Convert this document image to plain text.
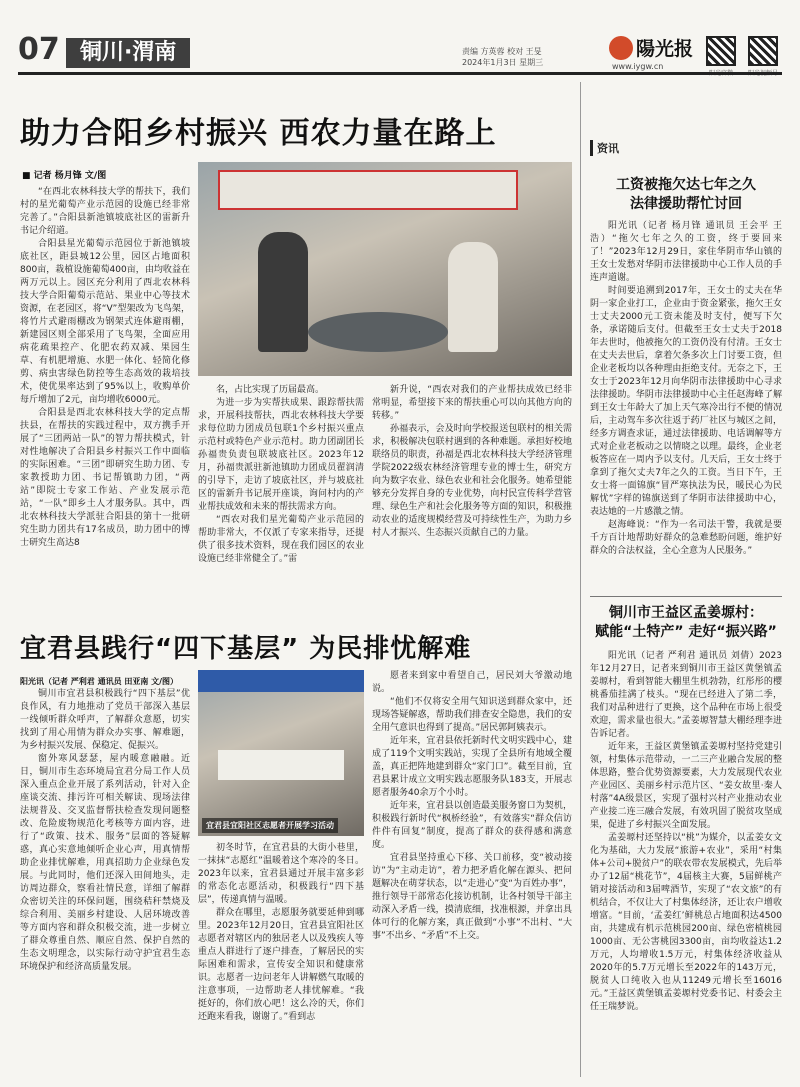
07 铜川·渭南	责编 方英蓉 校对 王旻
2024年1月3日 星期三
陽光报
www.iygw.cn
助力合阳乡村振兴 西农力量在路上
■ 记者 杨月锋 文/图

“在西北农林科技大学的帮扶下，我们村的星光葡萄产业示范园的设施已经非常完善了。”合阳县新池镇坡底社区的雷新升书记介绍道。

合阳县星光葡萄示范园位于新池镇坡底社区，距县城12公里，园区占地面积800亩，栽植设施葡萄400亩，由均收益在两万元以上。园区充分利用了西北农林科技大学合阳葡萄示范站、果业中心等技术资源，在老园区，将“V”型架改为飞鸟架，将竹片式避雨棚改为钢架式连体避雨棚，新建园区则全部采用了飞鸟架，全面应用病花疏果控产、化肥农药双减、果园生草、有机肥增施、水肥一体化、轻简化修剪、病虫害绿色防控等生态高效的栽培技术，使优果率达到了95%以上，收购单价每斤增加了2元，亩均增收6000元。

合阳县是西北农林科技大学的定点帮扶县，在帮扶的实践过程中，双方携手开展了“三团两站一队”的智力帮扶模式，针对性地解决了合阳县乡村振兴工作中面临的实际困难。“三团”即研究生助力团、专家教授助力团、书记帮镇助力团，“两站”即院士专家工作站、产业发展示范站，“一队”即乡土人才服务队。其中，西北农林科技大学派驻合阳县的第十一批研究生助力团共有17名成员，助力团中的博士研究生高达8

名，占比实现了历届最高。

为进一步为实帮扶成果、跟踪帮扶需求，开展科技帮扶，西北农林科技大学要求每位助力团成员包联1个乡村振兴重点示范村或特色产业示范村。助力团副团长孙福贵负责包联坡底社区。2023年12月，孙福贵派驻新池镇助力团成员翟润清的引导下，走访了坡底社区，并与坡底社区的雷新升书记展开座谈，询问村内的产业帮扶成效和未来的帮扶需求方向。

“西农对我们星光葡萄产业示范园的帮助非常大，不仅派了专家来指导，还提供了很多技术资料，现在我们园区的农业设施已经非常健全了。”雷

新升说，“西农对我们的产业帮扶成效已经非常明显，希望接下来的帮扶重心可以向其他方向的转移。”

孙福表示，会及时向学校报送包联村的相关需求，积极解决包联村遇到的各种难题。承担好校地联络员的职责，孙福是西北农林科技大学经济管理学院2022级农林经济管理专业的博士生，研究方向为数字农业、绿色农业和社会化服务。她希望能够充分发挥自身的专业优势，向村民宣传科学营管理、绿色生产和社会化服务等方面的知识，积极推动农业的适度规模经营及可持续性生产，为助力乡村人才振兴、生态振兴贡献自己的力量。

宜君县践行“四下基层” 为民排忧解难
阳光讯（记者 严利君 通讯员 田亚南 文/图）

铜川市宜君县积极践行“四下基层”优良作风，有力地推动了党员干部深入基层一线倾听群众呼声，了解群众意愿，切实找到了用心用情为群众办实事、解难题，为乡村振兴发展、保稳定、促振兴。

窗外寒风瑟瑟，屋内暖意融融。近日，铜川市生态环境局宜君分局工作人员深入重点企业开展了系列活动，针对入企座谈交流、排污许可相关解读、现场法律法规普及、交叉监督帮扶检查发现问题整改、危险废物规范化考核等方面内容，进行了“政策、技术、服务”层面的答疑解惑，真心实意地倾听企业心声，用真情帮助企业排忧解难，用真招助力企业绿色发展。与此同时，他们还深入田间地头，走访周边群众，察看社情民意，详细了解群众密切关注的环保问题，围绕秸秆禁烧及综合利用、美丽乡村建设、人居环境改善等方面内容和群众积极交流，进一步树立了群众尊重自然、顺应自然、保护自然的生态文明理念，以实际行动守护宜君生态环境保护和经济高质量发展。

宜君县宜阳社区志愿者开展学习活动

初冬时节，在宜君县的大街小巷里，一抹抹“志愿红”温暖着这个寒冷的冬日。2023年以来，宜君县通过开展丰富多彩的常态化志愿活动，积极践行“四下基层”，传递真情与温暖。

群众在哪里，志愿服务就要延伸到哪里。2023年12月20日，宜君县宜阳社区志愿者对辖区内的独居老人以及残疾人等重点人群进行了逐户排查，了解居民的实际困难和需求，宣传安全知识和健康常识。志愿者一边问老年人讲解燃气取暖的注意事项，一边帮助老人排忧解难。“我挺好的，你们放心吧！这么冷的天，你们还跑来看我，谢谢了。”看到志

愿者来到家中看望自己，居民刘大爷激动地说。

“他们不仅将安全用气知识送到群众家中，还现场答疑解惑，帮助我们排查安全隐患，我们的安全用气意识也得到了提高。”居民郭阿姨表示。

近年来，宜君县依托新时代文明实践中心，建成了119个文明实践站，实现了全县所有地域全覆盖，真正把阵地建到群众“家门口”。截至目前，宜君县累计成立文明实践志愿服务队183支，开展志愿者服务40余万个小时。

近年来，宜君县以创造最美服务窗口为契机，积极践行新时代“枫桥经验”，有效落实“群众信访件件有回复”制度，提高了群众的获得感和满意度。

宜君县坚持重心下移、关口前移，变“被动接访”为“主动走访”，着力把矛盾化解在源头、把问题解决在萌芽状态，以“走进心”变“为百姓办事”，推行领导干部常态化接访机制，让各村领导干部主动深入矛盾一线，摸清底细，找准根源，并拿出具体可行的化解方案，真正做到“小事”不出村、“大事”不出乡、“矛盾”不上交。

资讯
工资被拖欠达七年之久
法律援助帮忙讨回

阳光讯（记者 杨月锋 通讯员 王会平 王浩）“拖欠七年之久的工资，终于要回来了！”2023年12月29日，家住华阴市华山镇的王女士发愁对华阴市法律援助中心工作人员的手连声道谢。

时间要追溯到2017年，王女士的丈夫在华阴一家企业打工，企业由于资金紧张，拖欠王女士丈夫2000元工资未能及时支付，便写下欠条，承诺随后支付。但截至王女士丈夫于2018年去世时，他被拖欠的工资仍没有付清。王女士在丈夫去世后，拿着欠条多次上门讨要工资，但企业老板均以各种理由拒绝支付。无奈之下，王女士于2023年12月向华阴市法律援助中心寻求法律援助。华阴市法律援助中心主任赵海峰了解到王女士年龄大了加上天气寒冷出行不便的情况后，主动驾车多次往返于药厂社区与城区之间，经多方调查求证，通过法律援助、电话调解等方式对企业老板动之以情晓之以理。最终，企业老板答应在一周内予以支付。几天后，王女士终于拿到了拖欠丈夫7年之久的工资。当日下午，王女士将一面锦旗“冒严寒执法为民，暖民心为民解忧”字样的锦旗送到了华阴市法律援助中心，表达她的一片感激之情。

赵海峰说：“作为一名司法干警，我就是要千方百计地帮助好群众的急难愁盼问题，维护好群众的合法权益，全心全意为人民服务。”

铜川市王益区孟姜塬村：
赋能“土特产” 走好“振兴路”

阳光讯（记者 严利君 通讯员 刘倩）2023年12月27日，记者来到铜川市王益区黄堡镇孟姜塬村，看到智能大棚里生机勃勃，红彤彤的樱桃番茄挂满了枝头。“现在已经进入了第二季，我们对品种进行了更换，这个品种在市场上很受欢迎，需求量也很大。”孟姜塬智慧大棚经理李进告诉记者。

近年来，王益区黄堡镇孟姜塬村坚持党建引领，村集体示范带动，一二三产业融合发展的整体思路，整合优势资源要素，大力发展现代农业产业园区、美丽乡村示范片区、“姜女故里·秦人村落”4A级景区，实现了强村兴村产业推动农业产业接二连三融合发展，有效巩固了脱贫攻坚成果，促进了乡村振兴全面发展。

孟姜塬村还坚持以“桃”为媒介，以孟姜女文化为基础，大力发展“旅游+农业”，采用“村集体+公司+脱贫户”的联农带农发展模式，先后举办了12届“桃花节”，4届核主大赛，5届鲜桃产销对接活动和3届啤酒节，实现了“农文旅”的有机结合，不仅让大了村集体经济，还让农户增收增富。“目前，‘孟姜红’鲜桃总占地面积达4500亩，共建成有机示范桃园200亩、绿色密植桃园1000亩、无公害桃园3300亩，亩均收益达1.2万元，人均增收1.5万元，村集体经济收益从2020年的5.7万元增长至2022年的143万元，脱贫人口纯收入也从11249元增长至16016元。”王益区黄堡镇孟姜塬村党委书记、村委会主任王瑞梦说。
